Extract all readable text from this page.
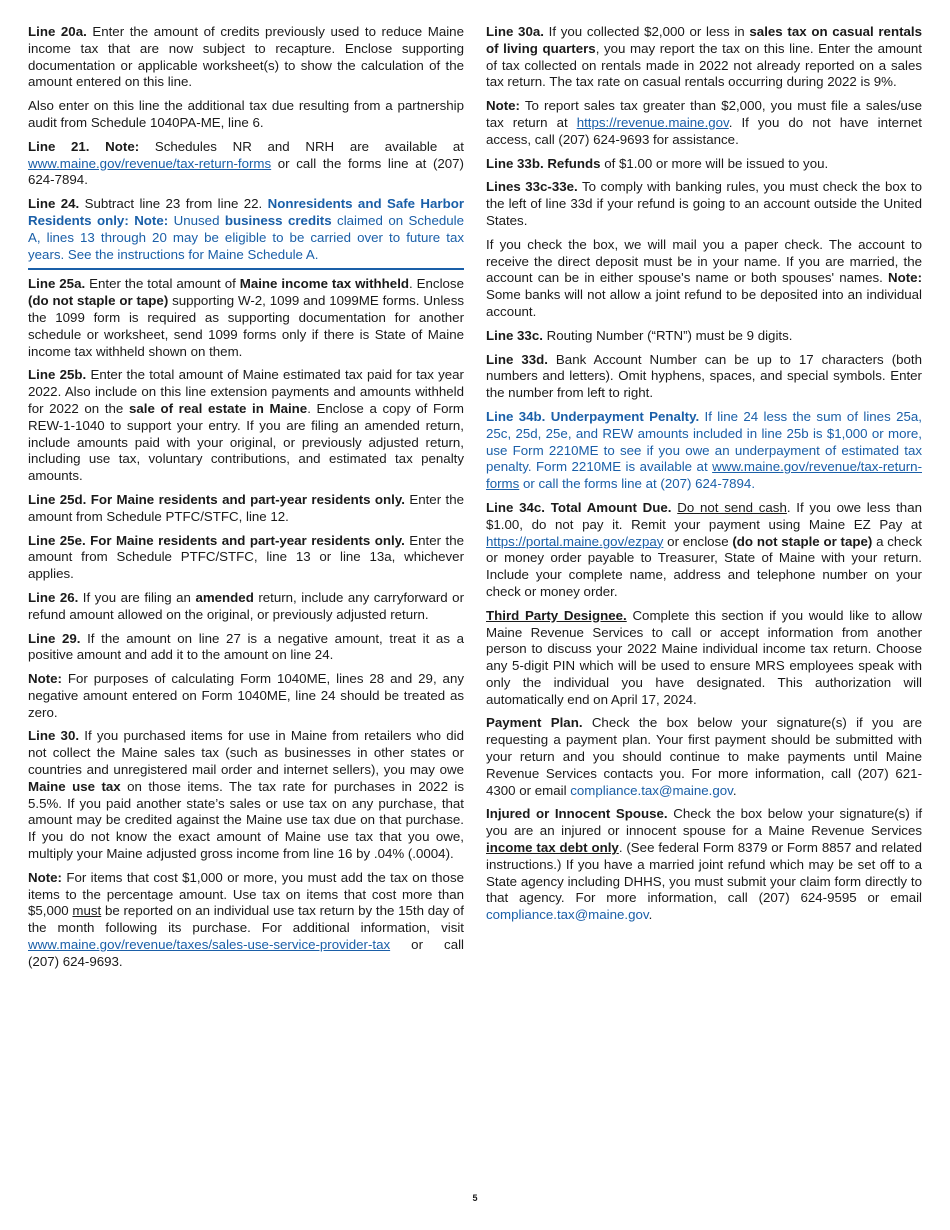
Line 20a. Enter the amount of credits previously used to reduce Maine income tax that are now subject to recapture. Enclose supporting documentation or applicable worksheet(s) to show the calculation of the amount entered on this line.

Also enter on this line the additional tax due resulting from a partnership audit from Schedule 1040PA-ME, line 6.

Line 21. Note: Schedules NR and NRH are available at www.maine.gov/revenue/tax-return-forms or call the forms line at (207) 624-7894.

Line 24. Subtract line 23 from line 22. Nonresidents and Safe Harbor Residents only: Note: Unused business credits claimed on Schedule A, lines 13 through 20 may be eligible to be carried over to future tax years. See the instructions for Maine Schedule A.

Line 25a. Enter the total amount of Maine income tax withheld. Enclose (do not staple or tape) supporting W-2, 1099 and 1099ME forms. Unless the 1099 form is required as supporting documentation for another schedule or worksheet, send 1099 forms only if there is State of Maine income tax withheld shown on them.

Line 25b. Enter the total amount of Maine estimated tax paid for tax year 2022. Also include on this line extension payments and amounts withheld for 2022 on the sale of real estate in Maine. Enclose a copy of Form REW-1-1040 to support your entry. If you are filing an amended return, include amounts paid with your original, or previously adjusted return, including use tax, voluntary contributions, and estimated tax penalty amounts.

Line 25d. For Maine residents and part-year residents only. Enter the amount from Schedule PTFC/STFC, line 12.

Line 25e. For Maine residents and part-year residents only. Enter the amount from Schedule PTFC/STFC, line 13 or line 13a, whichever applies.

Line 26. If you are filing an amended return, include any carryforward or refund amount allowed on the original, or previously adjusted return.

Line 29. If the amount on line 27 is a negative amount, treat it as a positive amount and add it to the amount on line 24.

Note: For purposes of calculating Form 1040ME, lines 28 and 29, any negative amount entered on Form 1040ME, line 24 should be treated as zero.

Line 30. If you purchased items for use in Maine from retailers who did not collect the Maine sales tax (such as businesses in other states or countries and unregistered mail order and internet sellers), you may owe Maine use tax on those items. The tax rate for purchases in 2022 is 5.5%. If you paid another state’s sales or use tax on any purchase, that amount may be credited against the Maine use tax due on that purchase. If you do not know the exact amount of Maine use tax that you owe, multiply your Maine adjusted gross income from line 16 by .04% (.0004).

Note: For items that cost $1,000 or more, you must add the tax on those items to the percentage amount. Use tax on items that cost more than $5,000 must be reported on an individual use tax return by the 15th day of the month following its purchase. For additional information, visit www.maine.gov/revenue/taxes/sales-use-service-provider-tax or call (207) 624-9693.

Line 30a. If you collected $2,000 or less in sales tax on casual rentals of living quarters, you may report the tax on this line. Enter the amount of tax collected on rentals made in 2022 not already reported on a sales tax return. The tax rate on casual rentals occurring during 2022 is 9%.

Note: To report sales tax greater than $2,000, you must file a sales/use tax return at https://revenue.maine.gov. If you do not have internet access, call (207) 624-9693 for assistance.

Line 33b. Refunds of $1.00 or more will be issued to you.

Lines 33c-33e. To comply with banking rules, you must check the box to the left of line 33d if your refund is going to an account outside the United States.

If you check the box, we will mail you a paper check. The account to receive the direct deposit must be in your name. If you are married, the account can be in either spouse's name or both spouses' names. Note: Some banks will not allow a joint refund to be deposited into an individual account.

Line 33c. Routing Number (“RTN”) must be 9 digits.

Line 33d. Bank Account Number can be up to 17 characters (both numbers and letters). Omit hyphens, spaces, and special symbols. Enter the number from left to right.

Line 34b. Underpayment Penalty. If line 24 less the sum of lines 25a, 25c, 25d, 25e, and REW amounts included in line 25b is $1,000 or more, use Form 2210ME to see if you owe an underpayment of estimated tax penalty. Form 2210ME is available at www.maine.gov/revenue/tax-return-forms or call the forms line at (207) 624-7894.

Line 34c. Total Amount Due. Do not send cash. If you owe less than $1.00, do not pay it. Remit your payment using Maine EZ Pay at https://portal.maine.gov/ezpay or enclose (do not staple or tape) a check or money order payable to Treasurer, State of Maine with your return. Include your complete name, address and telephone number on your check or money order.

Third Party Designee. Complete this section if you would like to allow Maine Revenue Services to call or accept information from another person to discuss your 2022 Maine individual income tax return. Choose any 5-digit PIN which will be used to ensure MRS employees speak with only the individual you have designated. This authorization will automatically end on April 17, 2024.

Payment Plan. Check the box below your signature(s) if you are requesting a payment plan. Your first payment should be submitted with your return and you should continue to make payments until Maine Revenue Services contacts you. For more information, call (207) 621-4300 or email compliance.tax@maine.gov.

Injured or Innocent Spouse. Check the box below your signature(s) if you are an injured or innocent spouse for a Maine Revenue Services income tax debt only. (See federal Form 8379 or Form 8857 and related instructions.) If you have a married joint refund which may be set off to a State agency including DHHS, you must submit your claim form directly to that agency. For more information, call (207) 624-9595 or email compliance.tax@maine.gov.

5
